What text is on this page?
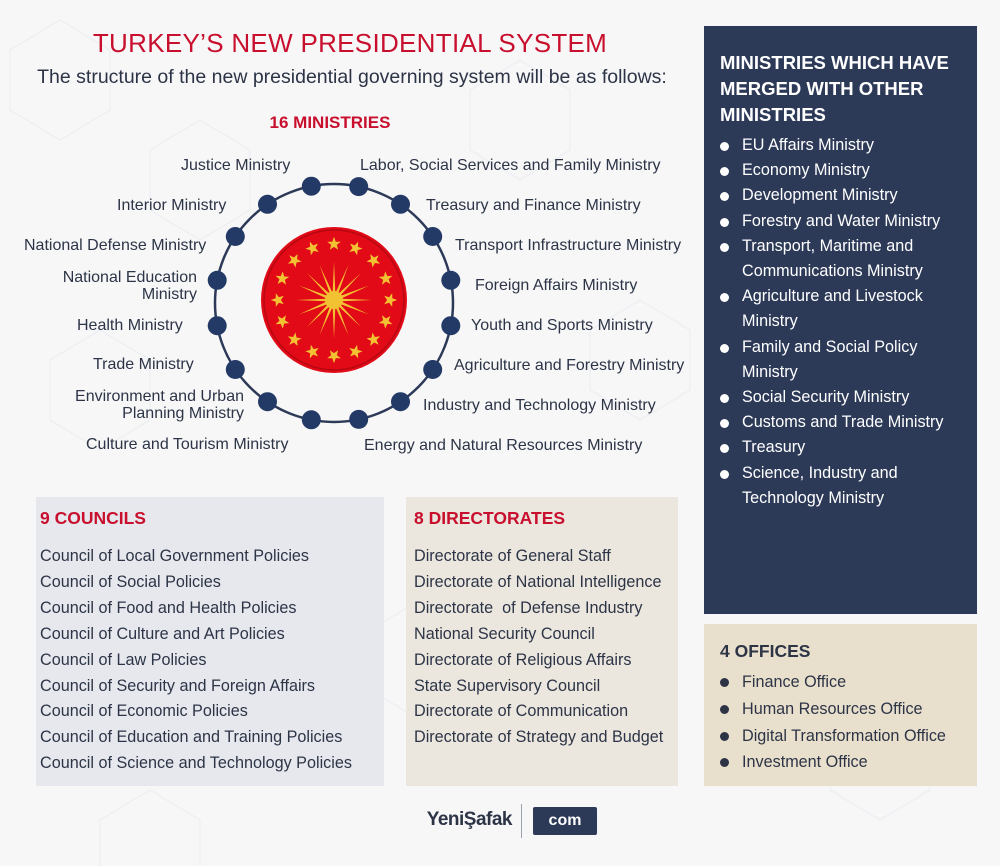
TURKEY’S NEW PRESIDENTIAL SYSTEM
The structure of the new presidential governing system will be as follows:
16 MINISTRIES
Justice Ministry	Labor, Social Services and Family Ministry
Treasury and Finance Ministry
Transport Infrastructure Ministry
Foreign Affairs Ministry
Youth and Sports Ministry
Agriculture and Forestry Ministry
Industry and Technology Ministry
Energy and Natural Resources Ministry
Culture and Tourism Ministry
Environment and Urban Planning Ministry
Trade Ministry
Health Ministry
National Education Ministry
National Defense Ministry
Interior Ministry
MINISTRIES WHICH HAVE MERGED WITH OTHER MINISTRIES
EU Affairs Ministry
Economy Ministry
Development Ministry
Forestry and Water Ministry
Transport, Maritime and Communications Ministry
Agriculture and Livestock Ministry
Family and Social Policy Ministry
Social Security Ministry
Customs and Trade Ministry
Treasury
Science, Industry and Technology Ministry
9 COUNCILS
Council of Local Government Policies
Council of Social Policies
Council of Food and Health Policies
Council of Culture and Art Policies
Council of Law Policies
Council of Security and Foreign Affairs
Council of Economic Policies
Council of Education and Training Policies
Council of Science and Technology Policies
8 DIRECTORATES
Directorate of General Staff
Directorate of National Intelligence
Directorate  of Defense Industry
National Security Council
Directorate of Religious Affairs
State Supervisory Council
Directorate of Communication
Directorate of Strategy and Budget
4 OFFICES
Finance Office
Human Resources Office
Digital Transformation Office
Investment Office
YeniŞafak	com
